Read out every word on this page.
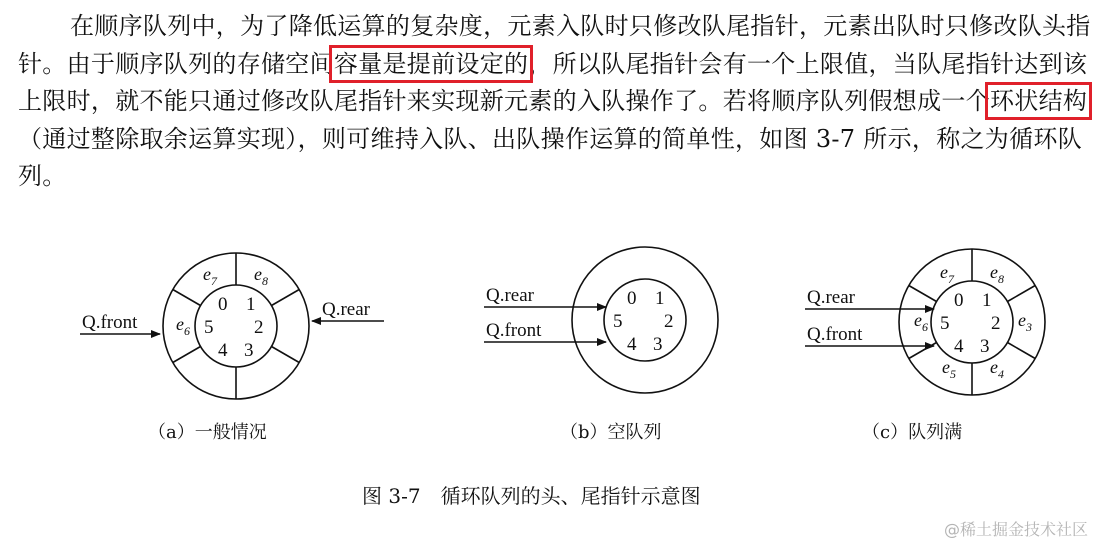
在顺序队列中，为了降低运算的复杂度，元素入队时只修改队尾指针，元素出队时只修改队头指针。由于顺序队列的存储空间容量是提前设定的，所以队尾指针会有一个上限值，当队尾指针达到该上限时，就不能只通过修改队尾指针来实现新元素的入队操作了。若将顺序队列假想成一个环状结构（通过整除取余运算实现），则可维持入队、出队操作运算的简单性，如图 3-7 所示，称之为循环队列。

0 1
2
3
4
5
$e_7$ $e_8$
$e_6$
Q.front
Q.rear
（a）一般情况
0 1
2
3
4
5
Q.rear
Q.front
（b）空队列
0 1
2
3
4
5
$e_7$ $e_8$
$e_3$
$e_4$
$e_5$
$e_6$
Q.rear
Q.front
（c）队列满
图 3-7　循环队列的头、尾指针示意图
@稀土掘金技术社区
